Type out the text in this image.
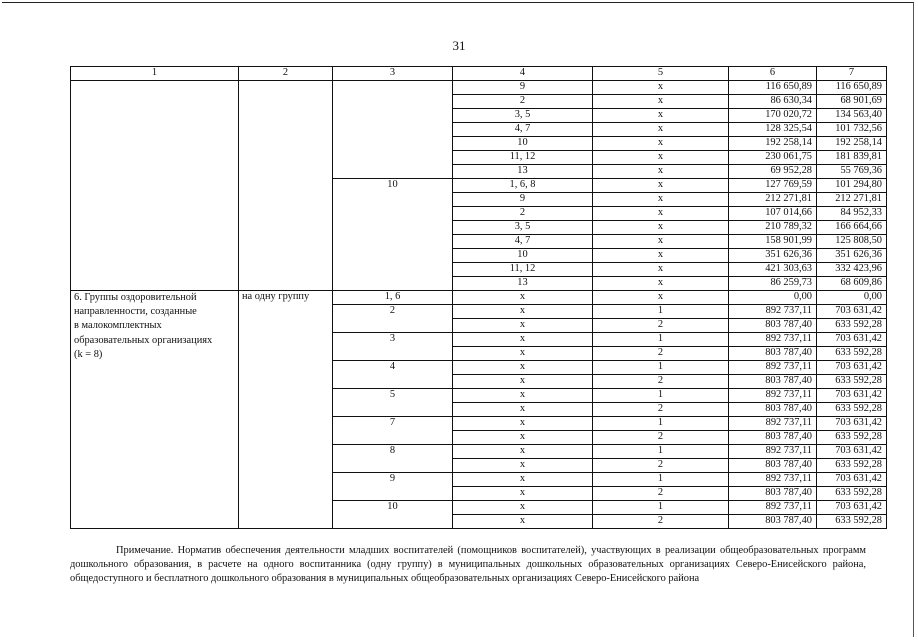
31
1	2	3	4	5	6	7
			9	x	116 650,89	116 650,89
			2	x	86 630,34	68 901,69
			3, 5	x	170 020,72	134 563,40
			4, 7	x	128 325,54	101 732,56
			10	x	192 258,14	192 258,14
			11, 12	x	230 061,75	181 839,81
			13	x	69 952,28	55 769,36
		10	1, 6, 8	x	127 769,59	101 294,80
			9	x	212 271,81	212 271,81
			2	x	107 014,66	84 952,33
			3, 5	x	210 789,32	166 664,66
			4, 7	x	158 901,99	125 808,50
			10	x	351 626,36	351 626,36
			11, 12	x	421 303,63	332 423,96
			13	x	86 259,73	68 609,86
6. Группы оздоровительной
направленности, созданные
в малокомплектных
образовательных организациях
(k = 8)	на одну группу	1, 6	x	x	0,00	0,00
		2	x	1	892 737,11	703 631,42
			x	2	803 787,40	633 592,28
		3	x	1	892 737,11	703 631,42
			x	2	803 787,40	633 592,28
		4	x	1	892 737,11	703 631,42
			x	2	803 787,40	633 592,28
		5	x	1	892 737,11	703 631,42
			x	2	803 787,40	633 592,28
		7	x	1	892 737,11	703 631,42
			x	2	803 787,40	633 592,28
		8	x	1	892 737,11	703 631,42
			x	2	803 787,40	633 592,28
		9	x	1	892 737,11	703 631,42
			x	2	803 787,40	633 592,28
		10	x	1	892 737,11	703 631,42
			x	2	803 787,40	633 592,28
Примечание. Норматив обеспечения деятельности младших воспитателей (помощников воспитателей), участвующих в реализации общеобразовательных программ дошкольного образования, в расчете на одного воспитанника (одну группу) в муниципальных дошкольных образовательных организациях Северо-Енисейского района, общедоступного и бесплатного дошкольного образования в муниципальных общеобразовательных организациях Северо-Енисейского района
